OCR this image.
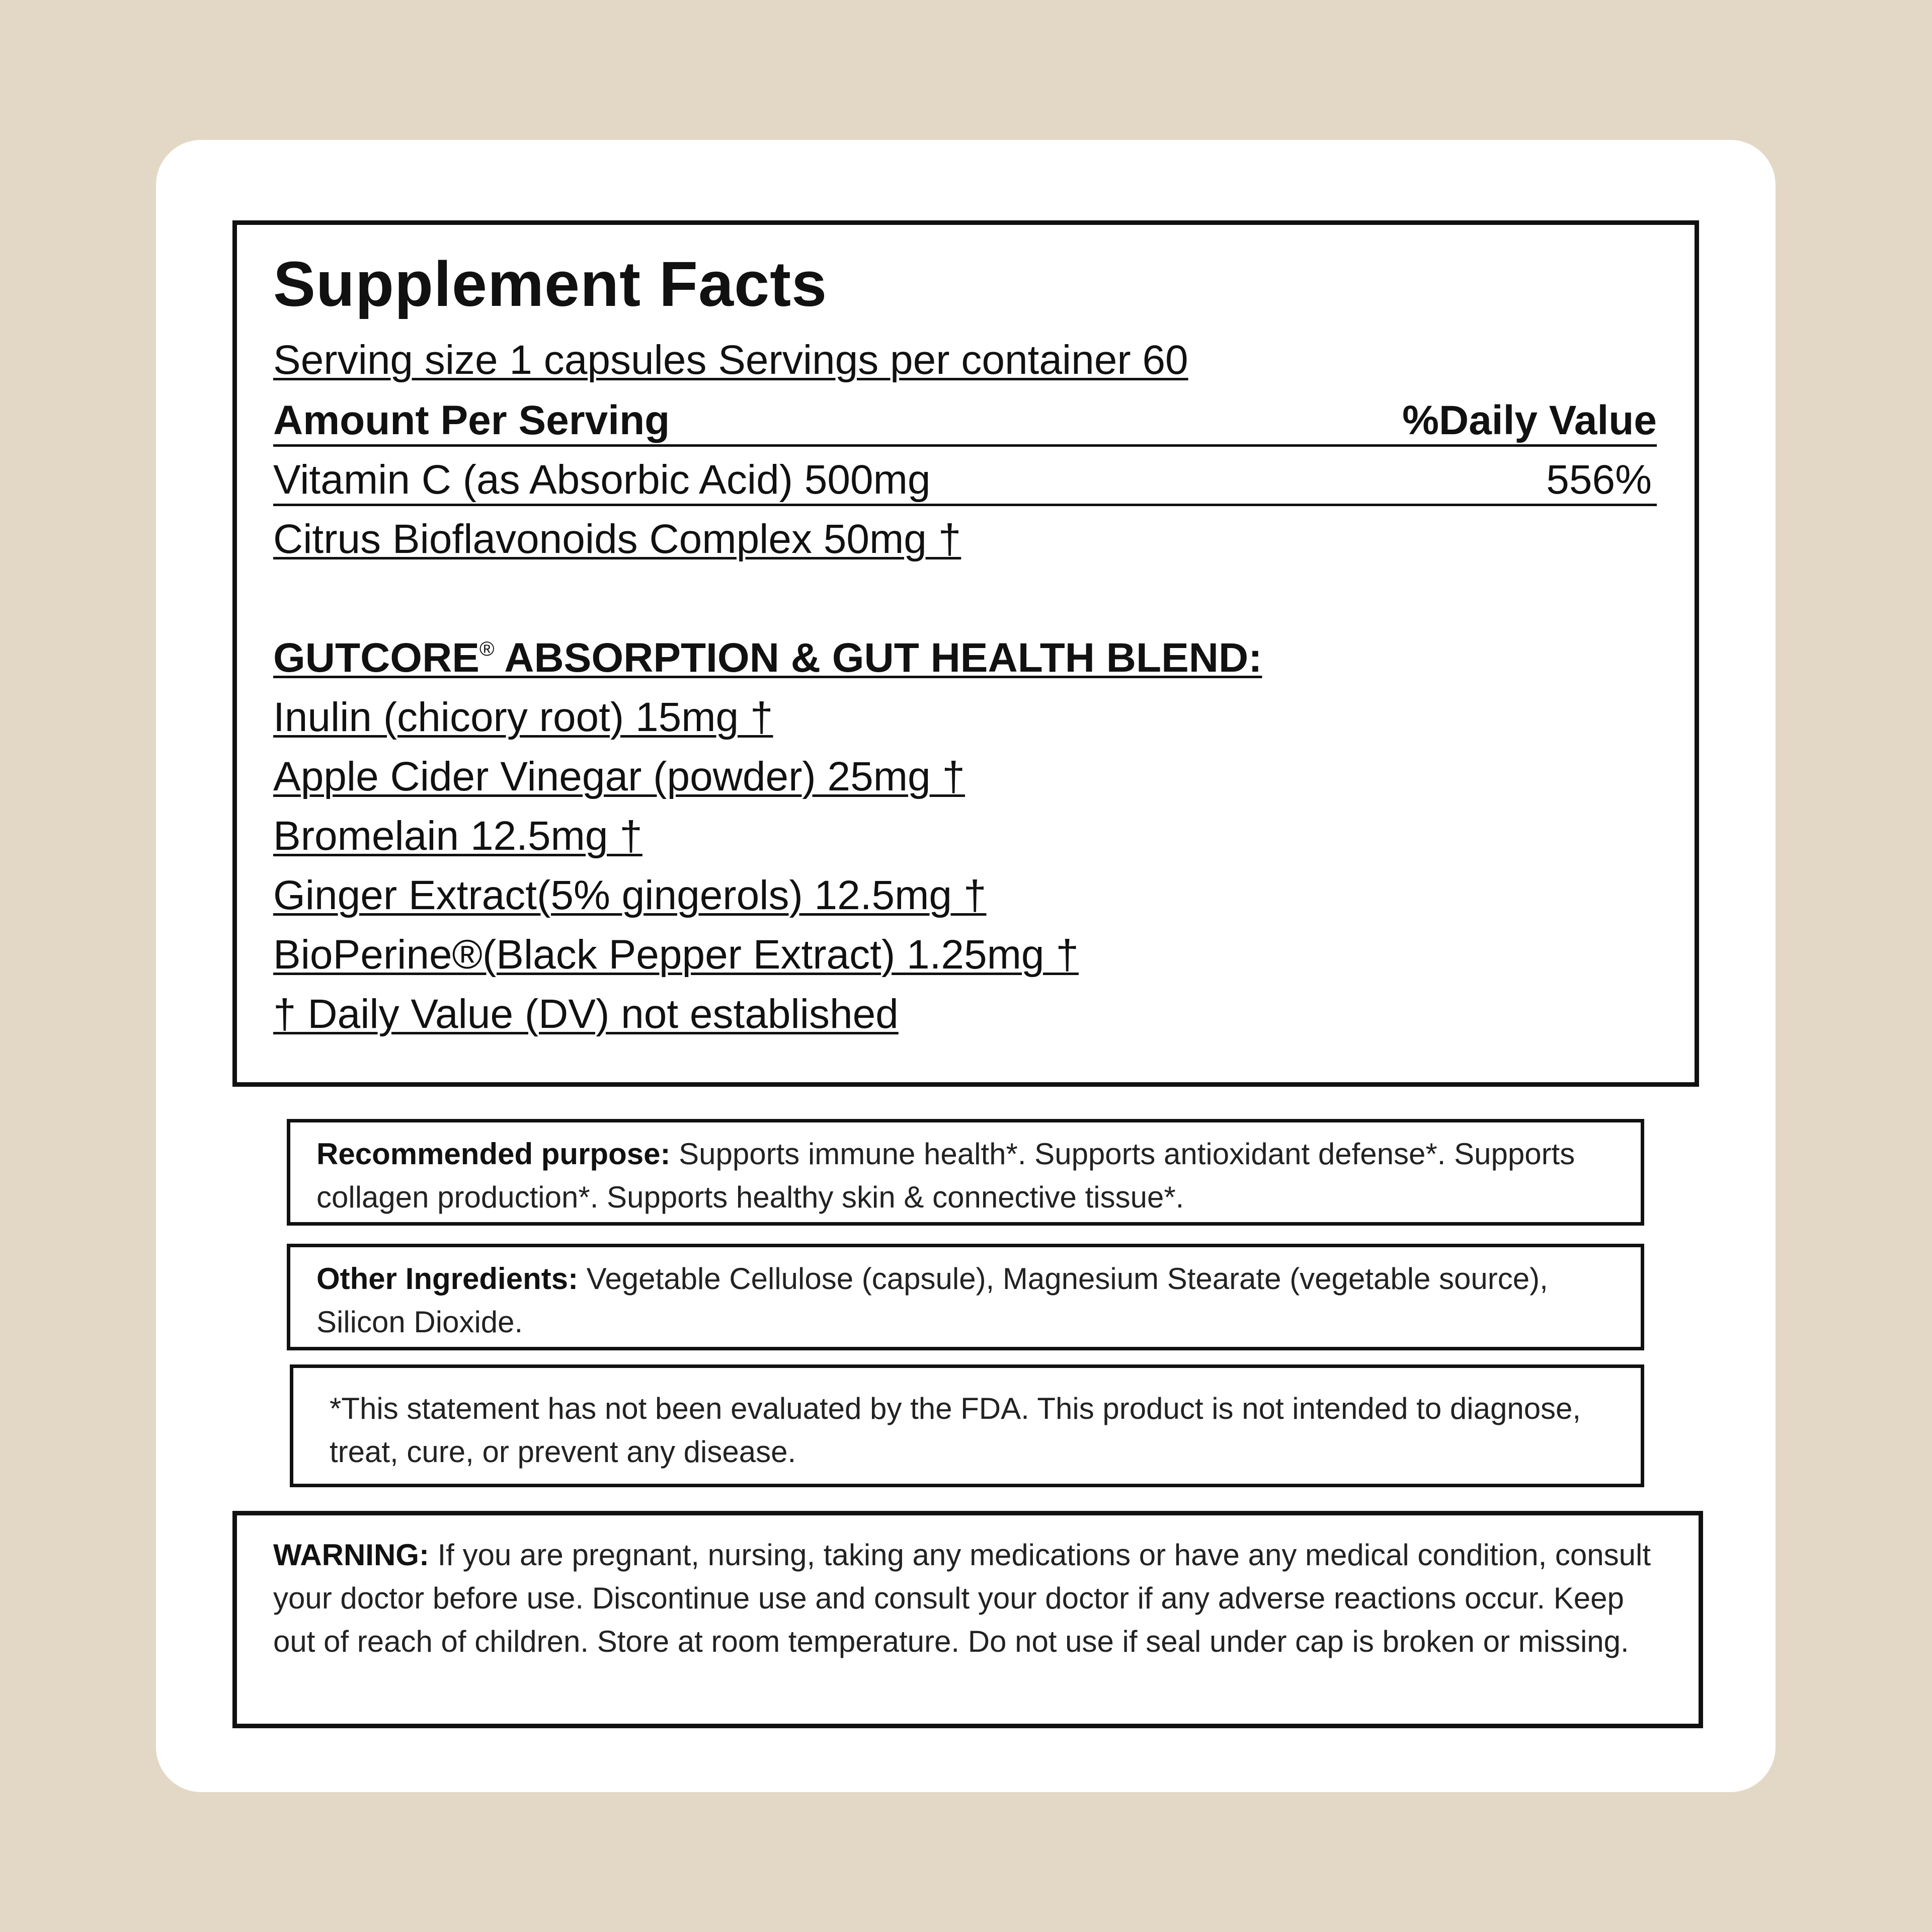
Supplement Facts
Serving size 1 capsules Servings per container 60
Amount Per Serving	%Daily Value
Vitamin C (as Absorbic Acid) 500mg	556%
Citrus Bioflavonoids Complex 50mg †
GUTCORE® ABSORPTION & GUT HEALTH BLEND:
Inulin (chicory root) 15mg †
Apple Cider Vinegar (powder) 25mg †
Bromelain 12.5mg †
Ginger Extract(5% gingerols) 12.5mg †
BioPerine®(Black Pepper Extract) 1.25mg †
† Daily Value (DV) not established

Recommended purpose: Supports immune health*. Supports antioxidant defense*. Supports collagen production*. Supports healthy skin & connective tissue*.

Other Ingredients: Vegetable Cellulose (capsule), Magnesium Stearate (vegetable source), Silicon Dioxide.

*This statement has not been evaluated by the FDA. This product is not intended to diagnose, treat, cure, or prevent any disease.

WARNING: If you are pregnant, nursing, taking any medications or have any medical condition, consult your doctor before use. Discontinue use and consult your doctor if any adverse reactions occur. Keep out of reach of children. Store at room temperature. Do not use if seal under cap is broken or missing.
